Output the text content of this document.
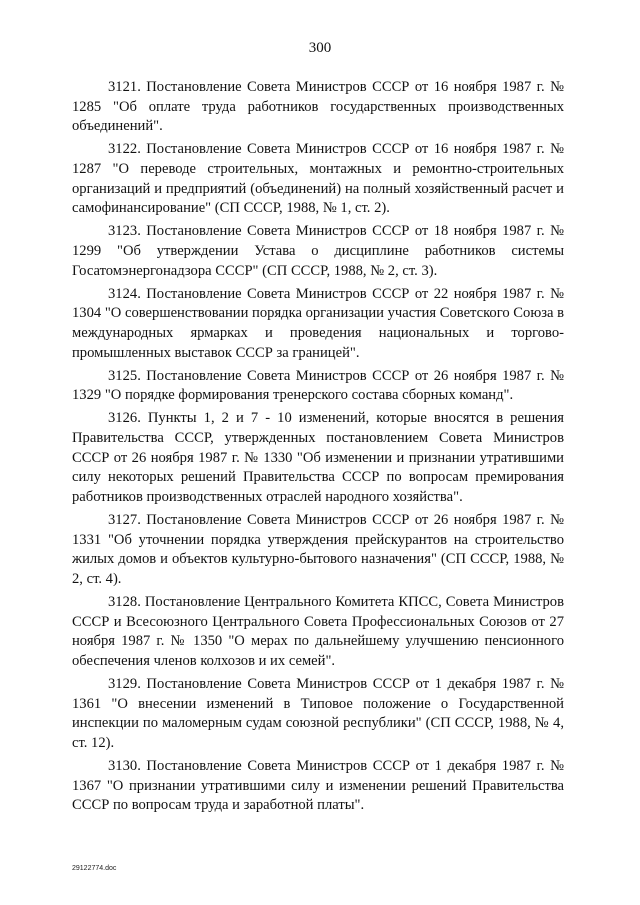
300

3121. Постановление Совета Министров СССР от 16 ноября 1987 г. № 1285 "Об оплате труда работников государственных производственных объединений".

3122. Постановление Совета Министров СССР от 16 ноября 1987 г. № 1287 "О переводе строительных, монтажных и ремонтно-строительных организаций и предприятий (объединений) на полный хозяйственный расчет и самофинансирование" (СП СССР, 1988, № 1, ст. 2).

3123. Постановление Совета Министров СССР от 18 ноября 1987 г. № 1299 "Об утверждении Устава о дисциплине работников системы Госатомэнергонадзора СССР" (СП СССР, 1988, № 2, ст. 3).

3124. Постановление Совета Министров СССР от 22 ноября 1987 г. № 1304 "О совершенствовании порядка организации участия Советского Союза в международных ярмарках и проведения национальных и торгово-промышленных выставок СССР за границей".

3125. Постановление Совета Министров СССР от 26 ноября 1987 г. № 1329 "О порядке формирования тренерского состава сборных команд".

3126. Пункты 1, 2 и 7 - 10 изменений, которые вносятся в решения Правительства СССР, утвержденных постановлением Совета Министров СССР от 26 ноября 1987 г. № 1330 "Об изменении и признании утратившими силу некоторых решений Правительства СССР по вопросам премирования работников производственных отраслей народного хозяйства".

3127. Постановление Совета Министров СССР от 26 ноября 1987 г. № 1331 "Об уточнении порядка утверждения прейскурантов на строительство жилых домов и объектов культурно-бытового назначения" (СП СССР, 1988, № 2, ст. 4).

3128. Постановление Центрального Комитета КПСС, Совета Министров СССР и Всесоюзного Центрального Совета Профессиональных Союзов от 27 ноября 1987 г. № 1350 "О мерах по дальнейшему улучшению пенсионного обеспечения членов колхозов и их семей".

3129. Постановление Совета Министров СССР от 1 декабря 1987 г. № 1361 "О внесении изменений в Типовое положение о Государственной инспекции по маломерным судам союзной республики" (СП СССР, 1988, № 4, ст. 12).

3130. Постановление Совета Министров СССР от 1 декабря 1987 г. № 1367 "О признании утратившими силу и изменении решений Правительства СССР по вопросам труда и заработной платы".

29122774.doc
